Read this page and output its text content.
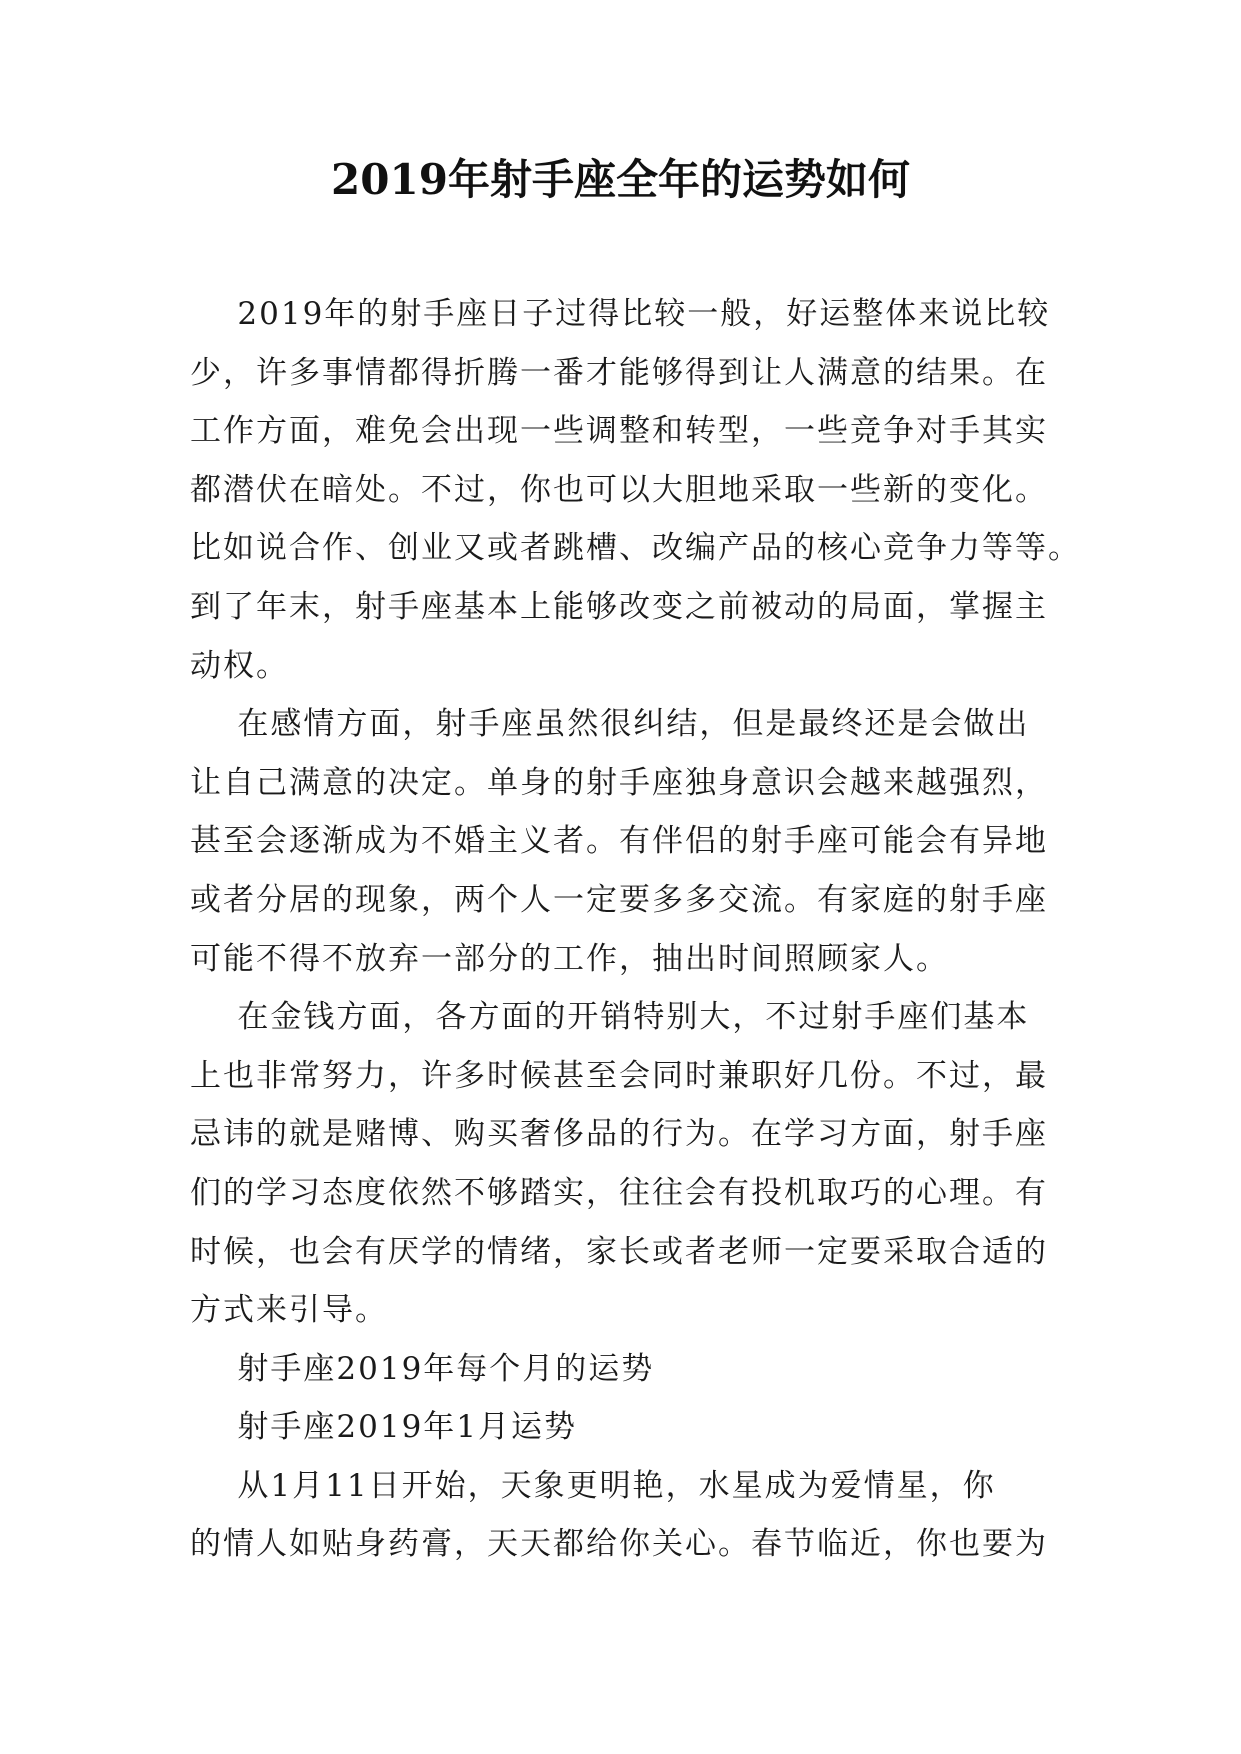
2019年射手座全年的运势如何

2019年的射手座日子过得比较一般，好运整体来说比较

少，许多事情都得折腾一番才能够得到让人满意的结果。在

工作方面，难免会出现一些调整和转型，一些竞争对手其实

都潜伏在暗处。不过，你也可以大胆地采取一些新的变化。

比如说合作、创业又或者跳槽、改编产品的核心竞争力等等。

到了年末，射手座基本上能够改变之前被动的局面，掌握主

动权。

在感情方面，射手座虽然很纠结，但是最终还是会做出

让自己满意的决定。单身的射手座独身意识会越来越强烈，

甚至会逐渐成为不婚主义者。有伴侣的射手座可能会有异地

或者分居的现象，两个人一定要多多交流。有家庭的射手座

可能不得不放弃一部分的工作，抽出时间照顾家人。

在金钱方面，各方面的开销特别大，不过射手座们基本

上也非常努力，许多时候甚至会同时兼职好几份。不过，最

忌讳的就是赌博、购买奢侈品的行为。在学习方面，射手座

们的学习态度依然不够踏实，往往会有投机取巧的心理。有

时候，也会有厌学的情绪，家长或者老师一定要采取合适的

方式来引导。

射手座2019年每个月的运势

射手座2019年1月运势

从1月11日开始，天象更明艳，水星成为爱情星，你

的情人如贴身药膏，天天都给你关心。春节临近，你也要为
